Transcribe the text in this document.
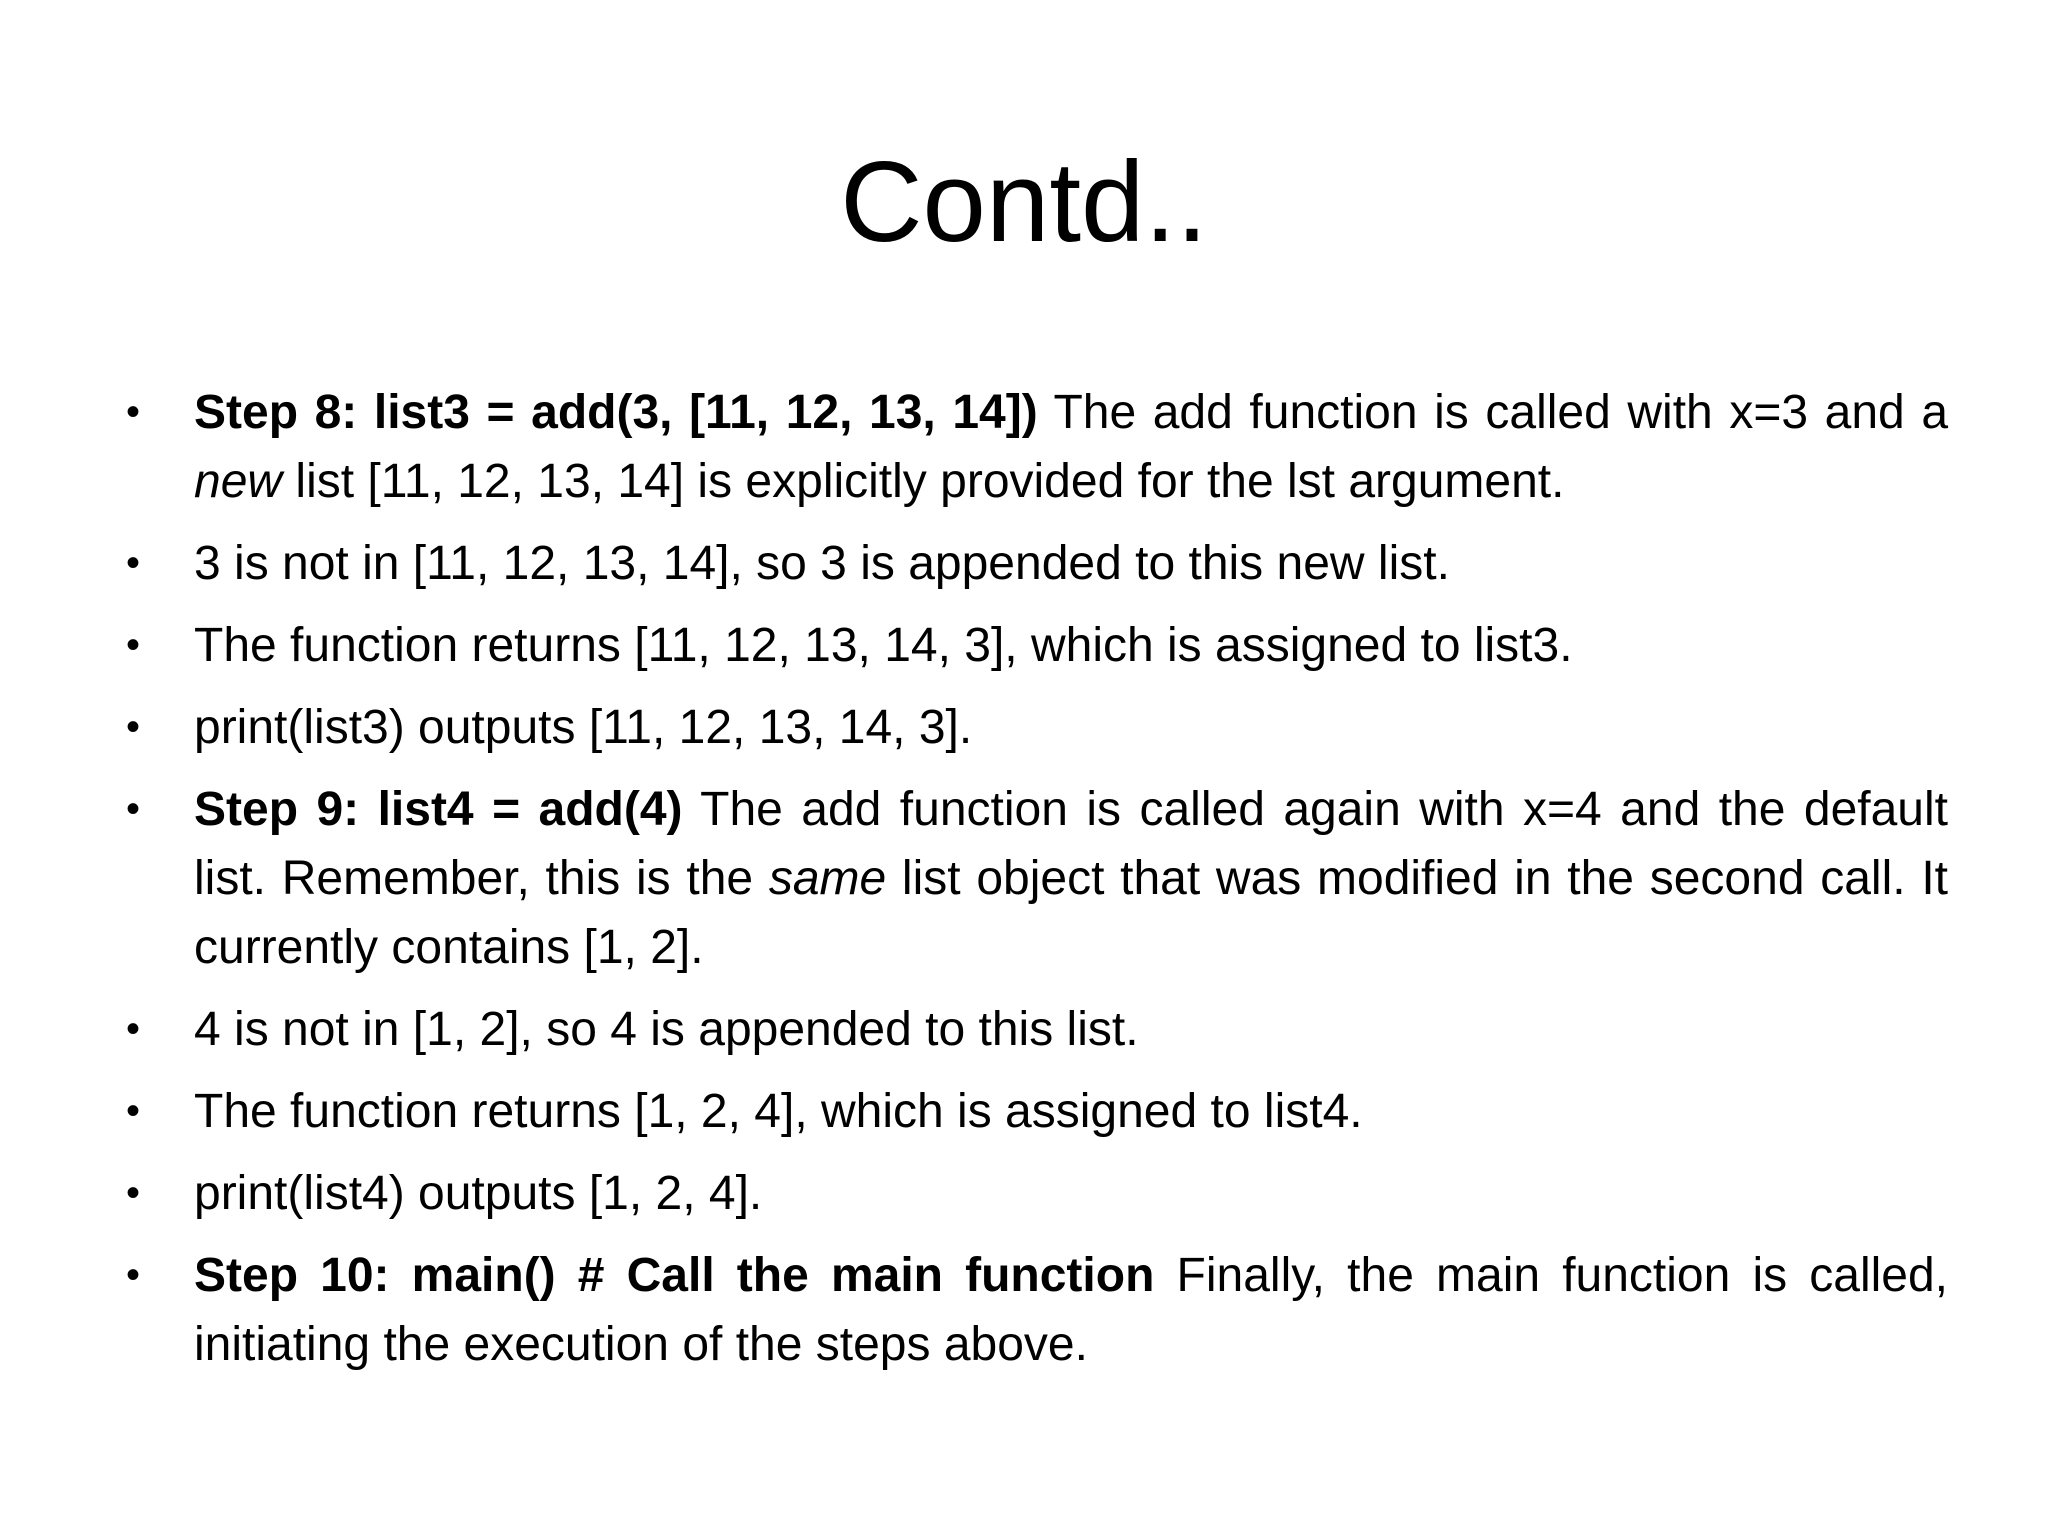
Contd..
• Step 8: list3 = add(3, [11, 12, 13, 14]) The add function is called with x=3 and a new list [11, 12, 13, 14] is explicitly provided for the lst argument.
• 3 is not in [11, 12, 13, 14], so 3 is appended to this new list.
• The function returns [11, 12, 13, 14, 3], which is assigned to list3.
• print(list3) outputs [11, 12, 13, 14, 3].
• Step 9: list4 = add(4) The add function is called again with x=4 and the default list. Remember, this is the same list object that was modified in the second call. It currently contains [1, 2].
• 4 is not in [1, 2], so 4 is appended to this list.
• The function returns [1, 2, 4], which is assigned to list4.
• print(list4) outputs [1, 2, 4].
• Step 10: main() # Call the main function Finally, the main function is called, initiating the execution of the steps above.
